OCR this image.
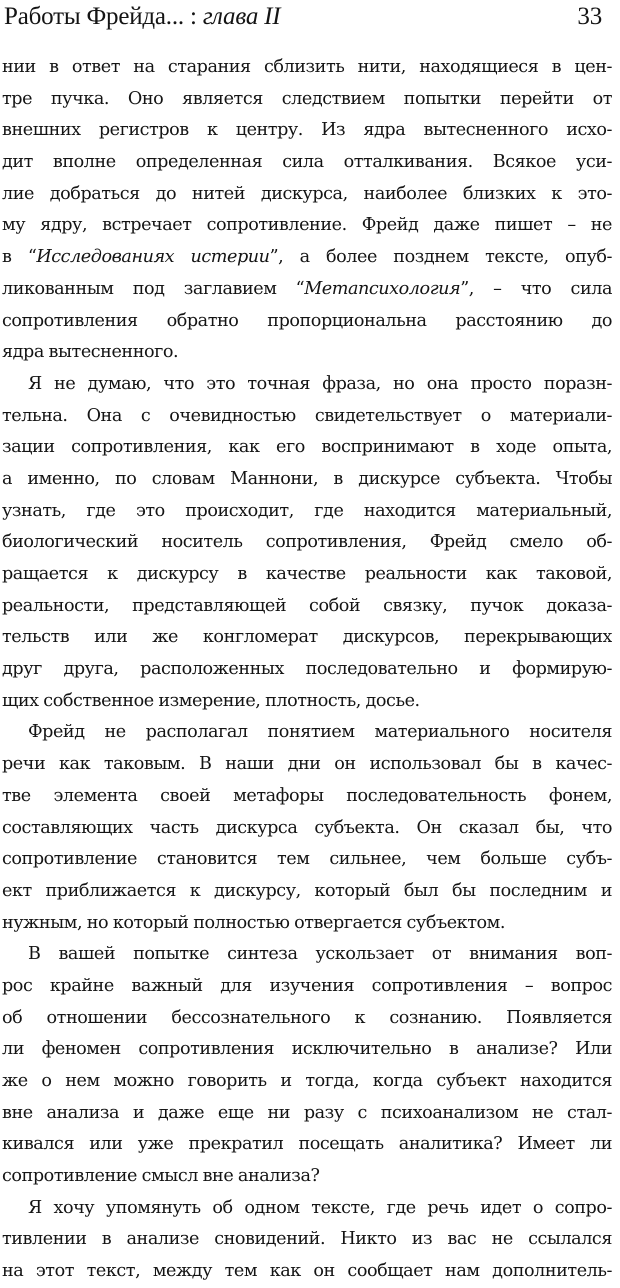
Работы Фрейда... : глава II	33
нии в ответ на старания сблизить нити, находящиеся в цен-
тре пучка. Оно является следствием попытки перейти от
внешних регистров к центру. Из ядра вытесненного исхо-
дит вполне определенная сила отталкивания. Всякое уси-
лие добраться до нитей дискурса, наиболее близких к это-
му ядру, встречает сопротивление. Фрейд даже пишет – не
в “Исследованиях истерии”, а более позднем тексте, опуб-
ликованным под заглавием “Метапсихология”, – что сила
сопротивления обратно пропорциональна расстоянию до
ядра вытесненного.
Я не думаю, что это точная фраза, но она просто поразн-
тельна. Она с очевидностью свидетельствует о материали-
зации сопротивления, как его воспринимают в ходе опыта,
а именно, по словам Маннони, в дискурсе субъекта. Чтобы
узнать, где это происходит, где находится материальный,
биологический носитель сопротивления, Фрейд смело об-
ращается к дискурсу в качестве реальности как таковой,
реальности, представляющей собой связку, пучок доказа-
тельств или же конгломерат дискурсов, перекрывающих
друг друга, расположенных последовательно и формирую-
щих собственное измерение, плотность, досье.
Фрейд не располагал понятием материального носителя
речи как таковым. В наши дни он использовал бы в качес-
тве элемента своей метафоры последовательность фонем,
составляющих часть дискурса субъекта. Он сказал бы, что
сопротивление становится тем сильнее, чем больше субъ-
ект приближается к дискурсу, который был бы последним и
нужным, но который полностью отвергается субъектом.
В вашей попытке синтеза ускользает от внимания воп-
рос крайне важный для изучения сопротивления – вопрос
об отношении бессознательного к сознанию. Появляется
ли феномен сопротивления исключительно в анализе? Или
же о нем можно говорить и тогда, когда субъект находится
вне анализа и даже еще ни разу с психоанализом не стал-
кивался или уже прекратил посещать аналитика? Имеет ли
сопротивление смысл вне анализа?
Я хочу упомянуть об одном тексте, где речь идет о сопро-
тивлении в анализе сновидений. Никто из вас не ссылался
на этот текст, между тем как он сообщает нам дополнитель-
